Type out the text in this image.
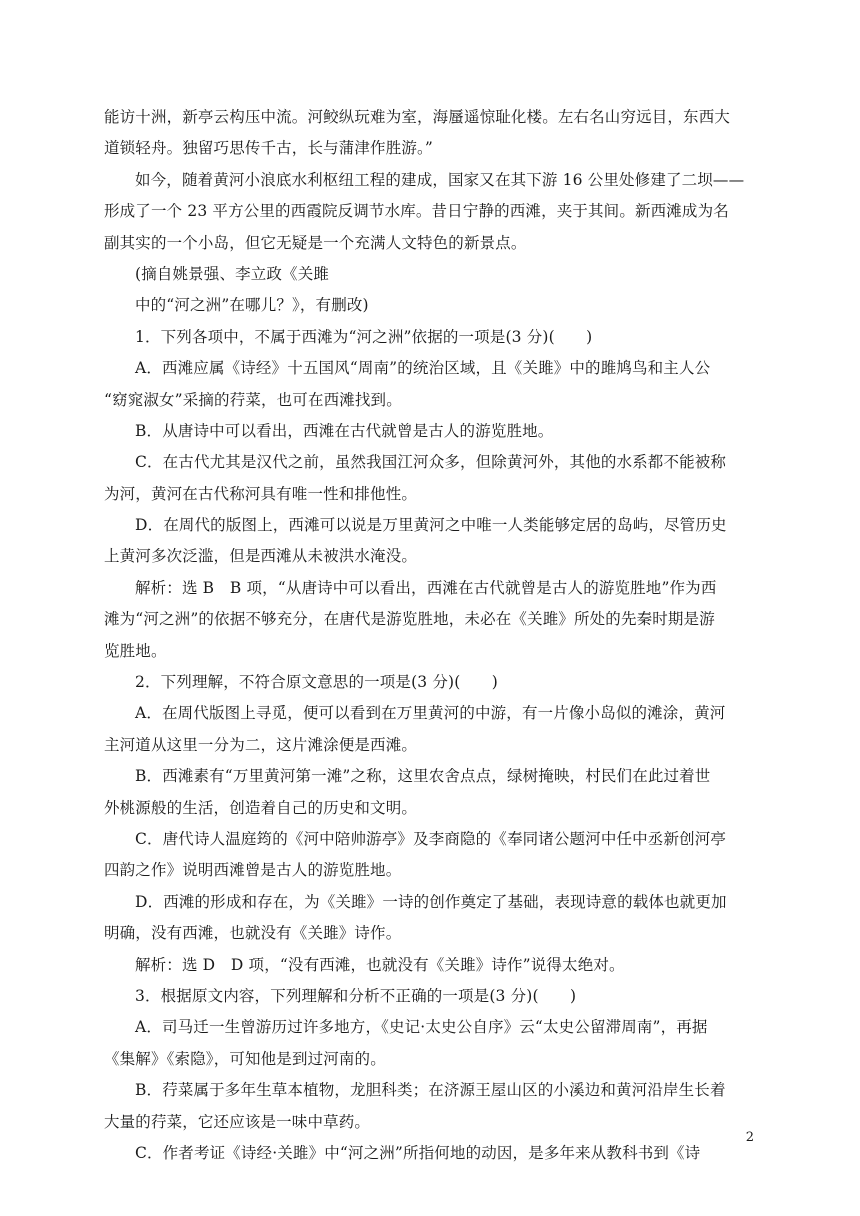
能访十洲，新亭云构压中流。河鲛纵玩难为室，海蜃遥惊耻化楼。左右名山穷远目，东西大
道锁轻舟。独留巧思传千古，长与蒲津作胜游。”
如今，随着黄河小浪底水利枢纽工程的建成，国家又在其下游 16 公里处修建了二坝——
形成了一个 23 平方公里的西霞院反调节水库。昔日宁静的西滩，夹于其间。新西滩成为名
副其实的一个小岛，但它无疑是一个充满人文特色的新景点。
(摘自姚景强、李立政《关雎
中的“河之洲”在哪儿？》，有删改)
1．下列各项中，不属于西滩为“河之洲”依据的一项是(3 分)(　　)
A．西滩应属《诗经》十五国风“周南”的统治区域，且《关雎》中的雎鸠鸟和主人公
“窈窕淑女”采摘的荇菜，也可在西滩找到。
B．从唐诗中可以看出，西滩在古代就曾是古人的游览胜地。
C．在古代尤其是汉代之前，虽然我国江河众多，但除黄河外，其他的水系都不能被称
为河，黄河在古代称河具有唯一性和排他性。
D．在周代的版图上，西滩可以说是万里黄河之中唯一人类能够定居的岛屿，尽管历史
上黄河多次泛滥，但是西滩从未被洪水淹没。
解析：选 B　B 项，“从唐诗中可以看出，西滩在古代就曾是古人的游览胜地”作为西
滩为“河之洲”的依据不够充分，在唐代是游览胜地，未必在《关雎》所处的先秦时期是游
览胜地。
2．下列理解，不符合原文意思的一项是(3 分)(　　)
A．在周代版图上寻觅，便可以看到在万里黄河的中游，有一片像小岛似的滩涂，黄河
主河道从这里一分为二，这片滩涂便是西滩。
B．西滩素有“万里黄河第一滩”之称，这里农舍点点，绿树掩映，村民们在此过着世
外桃源般的生活，创造着自己的历史和文明。
C．唐代诗人温庭筠的《河中陪帅游亭》及李商隐的《奉同诸公题河中任中丞新创河亭
四韵之作》说明西滩曾是古人的游览胜地。
D．西滩的形成和存在，为《关雎》一诗的创作奠定了基础，表现诗意的载体也就更加
明确，没有西滩，也就没有《关雎》诗作。
解析：选 D　D 项，“没有西滩，也就没有《关雎》诗作”说得太绝对。
3．根据原文内容，下列理解和分析不正确的一项是(3 分)(　　)
A．司马迁一生曾游历过许多地方，《史记·太史公自序》云“太史公留滞周南”，再据
《集解》《索隐》，可知他是到过河南的。
B．荇菜属于多年生草本植物，龙胆科类；在济源王屋山区的小溪边和黄河沿岸生长着
大量的荇菜，它还应该是一味中草药。
C．作者考证《诗经·关雎》中“河之洲”所指何地的动因，是多年来从教科书到《诗
2
